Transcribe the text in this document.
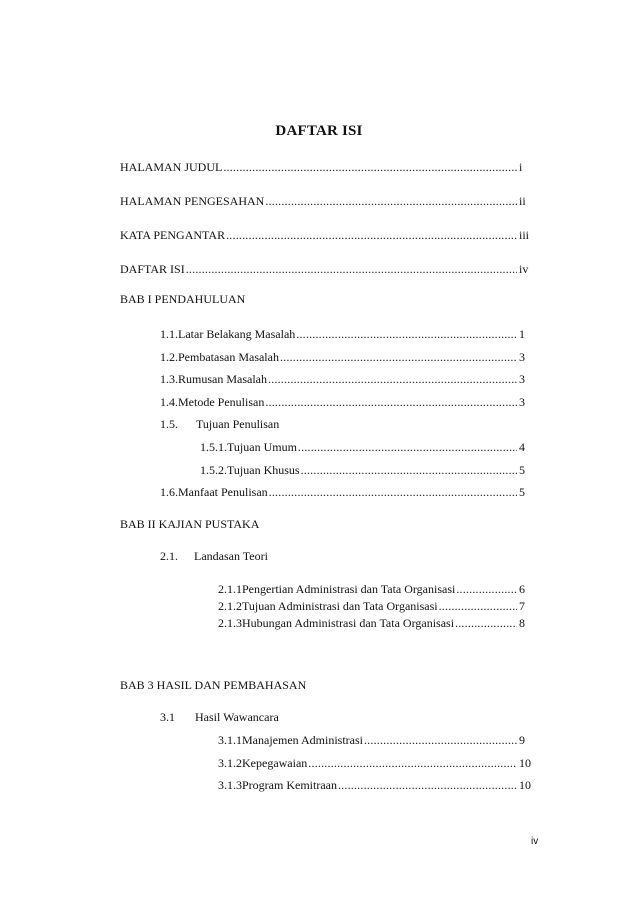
DAFTAR ISI
HALAMAN JUDUL .....	i
HALAMAN PENGESAHAN .....	ii
KATA PENGANTAR .....	iii
DAFTAR ISI .....	iv
BAB I PENDAHULUAN
1.1. Latar Belakang Masalah .....	1
1.2. Pembatasan Masalah .....	3
1.3. Rumusan Masalah .....	3
1.4. Metode Penulisan .....	3
1.5. Tujuan Penulisan
1.5.1. Tujuan Umum .....	4
1.5.2. Tujuan Khusus .....	5
1.6. Manfaat Penulisan .....	5
BAB II KAJIAN PUSTAKA
2.1. Landasan Teori
2.1.1 Pengertian Administrasi dan Tata Organisasi .....	6
2.1.2 Tujuan Administrasi dan Tata Organisasi .....	7
2.1.3 Hubungan Administrasi dan Tata Organisasi .....	8
BAB 3 HASIL DAN PEMBAHASAN
3.1 Hasil Wawancara
3.1.1 Manajemen Administrasi .....	9
3.1.2 Kepegawaian .....	10
3.1.3 Program Kemitraan .....	10
iv
